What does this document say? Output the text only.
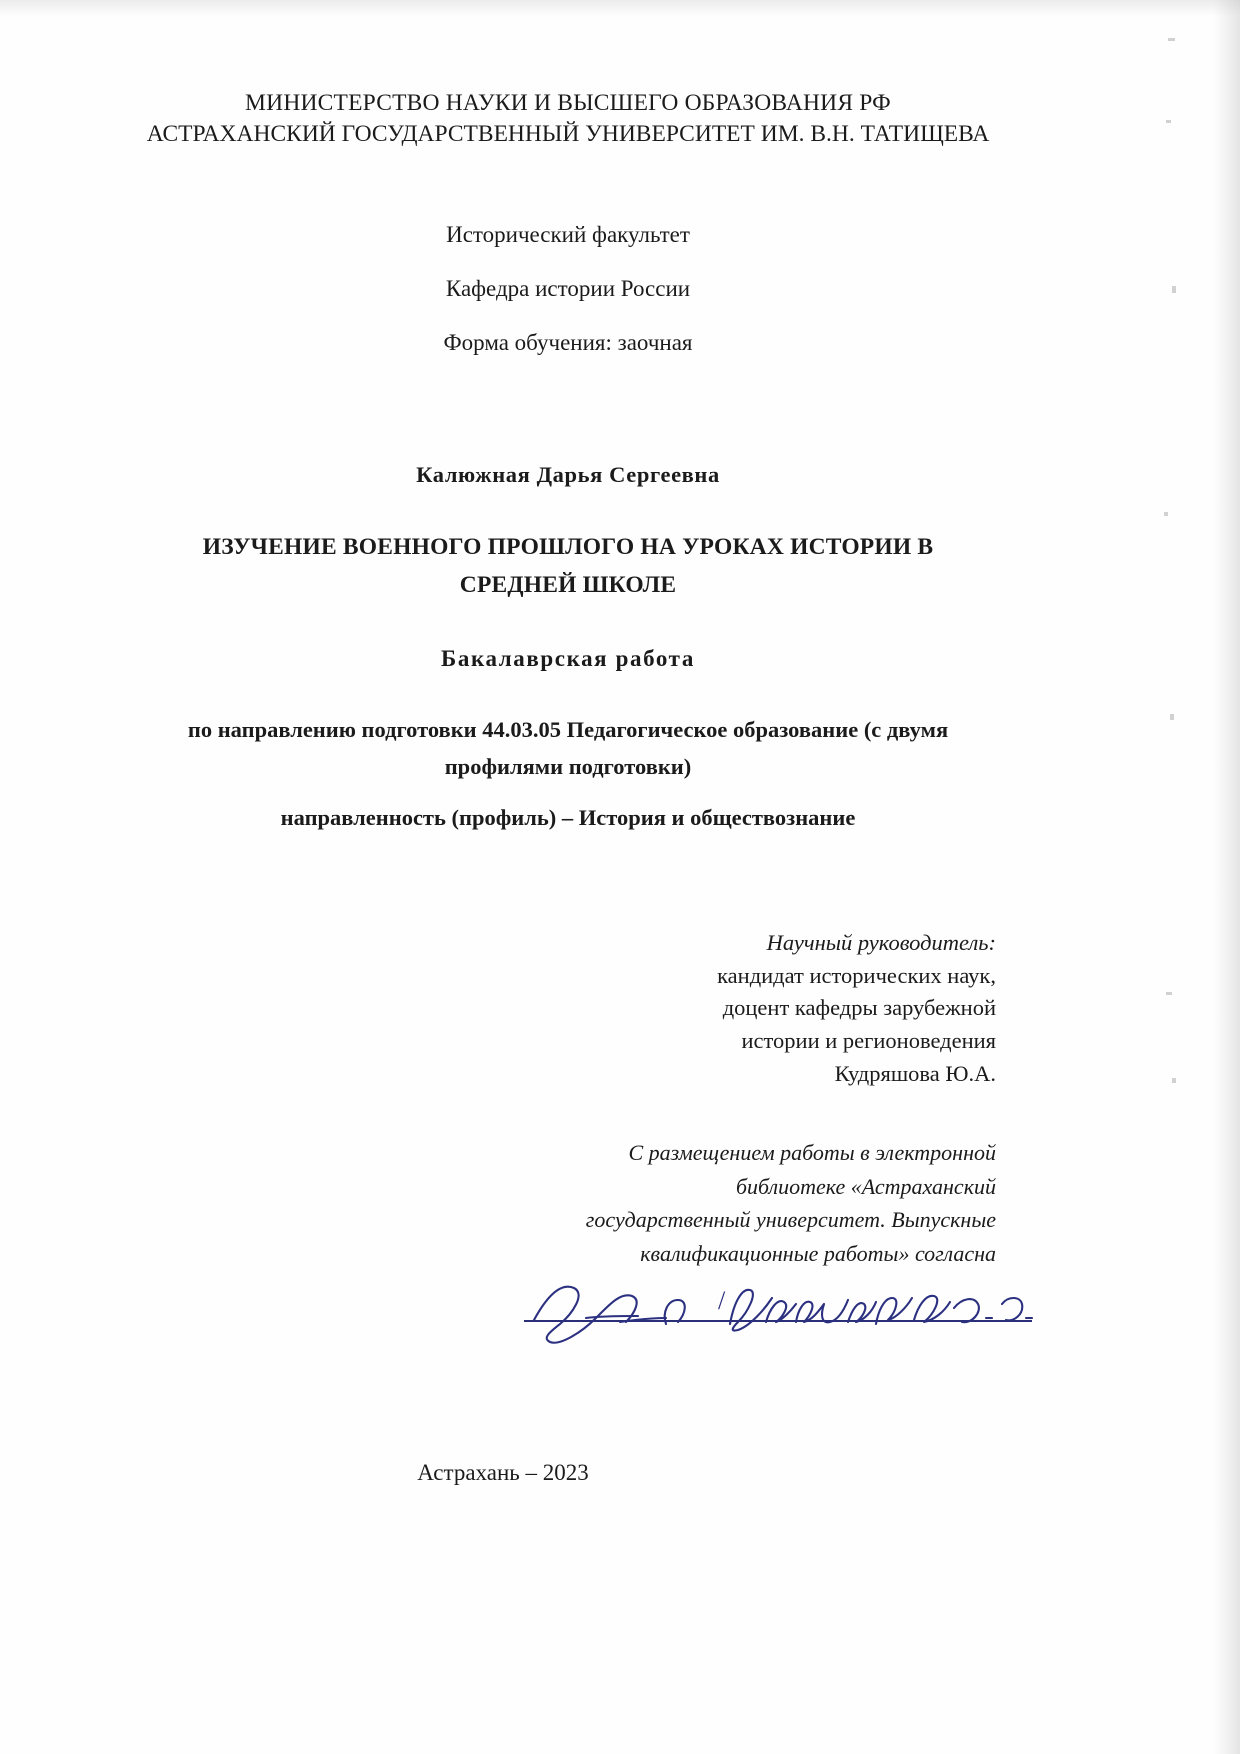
МИНИСТЕРСТВО НАУКИ И ВЫСШЕГО ОБРАЗОВАНИЯ РФ
АСТРАХАНСКИЙ ГОСУДАРСТВЕННЫЙ УНИВЕРСИТЕТ ИМ. В.Н. ТАТИЩЕВА
Исторический факультет
Кафедра истории России
Форма обучения: заочная
Калюжная Дарья Сергеевна
ИЗУЧЕНИЕ ВОЕННОГО ПРОШЛОГО НА УРОКАХ ИСТОРИИ В СРЕДНЕЙ ШКОЛЕ
Бакалаврская работа
по направлению подготовки 44.03.05 Педагогическое образование (с двумя профилями подготовки)
направленность (профиль) – История и обществознание
Научный руководитель:
кандидат исторических наук,
доцент кафедры зарубежной
истории и регионоведения
Кудряшова Ю.А.
С размещением работы в электронной
библиотеке «Астраханский
государственный университет. Выпускные
квалификационные работы» согласна
/
Астрахань – 2023
